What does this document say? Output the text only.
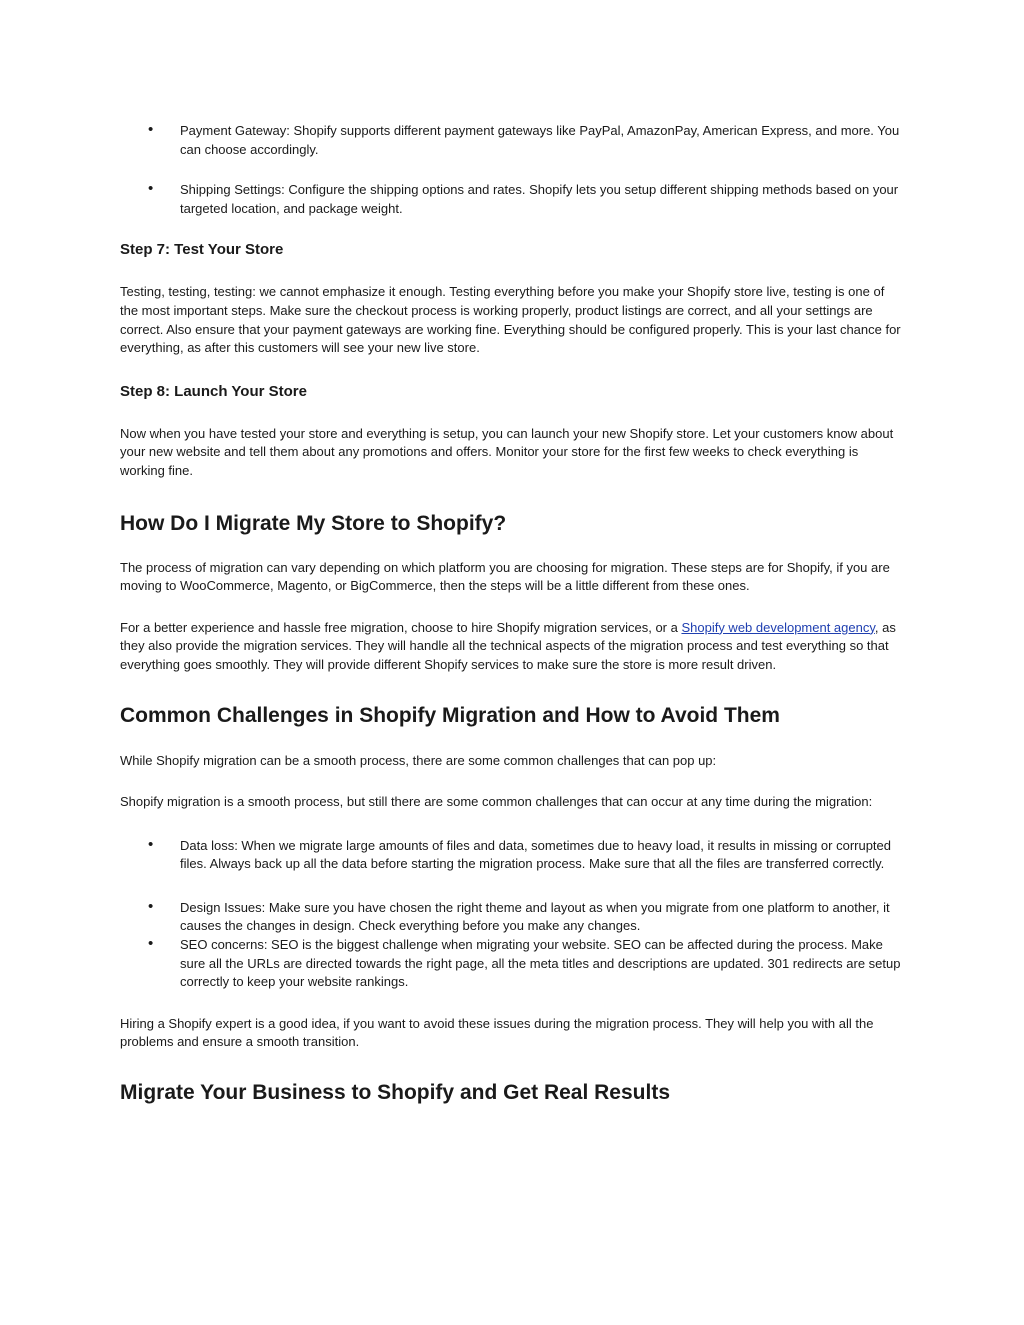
• Payment Gateway: Shopify supports different payment gateways like PayPal, AmazonPay, American Express, and more. You can choose accordingly.
• Shipping Settings: Configure the shipping options and rates. Shopify lets you setup different shipping methods based on your targeted location, and package weight.
Step 7: Test Your Store

Testing, testing, testing: we cannot emphasize it enough. Testing everything before you make your Shopify store live, testing is one of the most important steps. Make sure the checkout process is working properly, product listings are correct, and all your settings are correct. Also ensure that your payment gateways are working fine. Everything should be configured properly. This is your last chance for everything, as after this customers will see your new live store.

Step 8: Launch Your Store

Now when you have tested your store and everything is setup, you can launch your new Shopify store. Let your customers know about your new website and tell them about any promotions and offers. Monitor your store for the first few weeks to check everything is working fine.

How Do I Migrate My Store to Shopify?

The process of migration can vary depending on which platform you are choosing for migration. These steps are for Shopify, if you are moving to WooCommerce, Magento, or BigCommerce, then the steps will be a little different from these ones.

For a better experience and hassle free migration, choose to hire Shopify migration services, or a Shopify web development agency, as they also provide the migration services. They will handle all the technical aspects of the migration process and test everything so that everything goes smoothly. They will provide different Shopify services to make sure the store is more result driven.

Common Challenges in Shopify Migration and How to Avoid Them

While Shopify migration can be a smooth process, there are some common challenges that can pop up:

Shopify migration is a smooth process, but still there are some common challenges that can occur at any time during the migration:

• Data loss: When we migrate large amounts of files and data, sometimes due to heavy load, it results in missing or corrupted files. Always back up all the data before starting the migration process. Make sure that all the files are transferred correctly.
• Design Issues: Make sure you have chosen the right theme and layout as when you migrate from one platform to another, it causes the changes in design. Check everything before you make any changes.
• SEO concerns: SEO is the biggest challenge when migrating your website. SEO can be affected during the process. Make sure all the URLs are directed towards the right page, all the meta titles and descriptions are updated. 301 redirects are setup correctly to keep your website rankings.

Hiring a Shopify expert is a good idea, if you want to avoid these issues during the migration process. They will help you with all the problems and ensure a smooth transition.

Migrate Your Business to Shopify and Get Real Results
